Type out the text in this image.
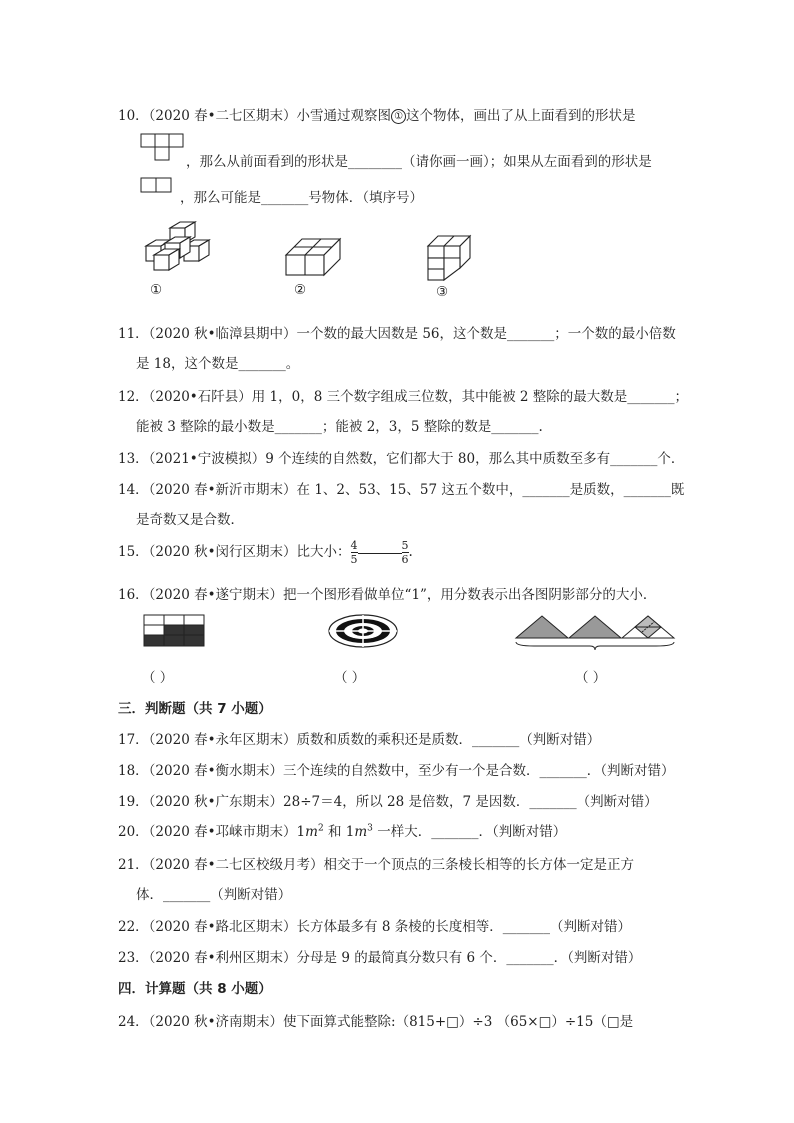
10．（2020 春•二七区期末）小雪通过观察图 ① 这个物体，画出了从上面看到的形状是
，那么从前面看到的形状是________（请你画一画）；如果从左面看到的形状是
，那么可能是_______号物体．（填序号）
①	②	③
11．（2020 秋•临漳县期中）一个数的最大因数是 56，这个数是_______；一个数的最小倍数
是 18，这个数是_______。
12．（2020•石阡县）用 1，0，8 三个数字组成三位数，其中能被 2 整除的最大数是_______；
能被 3 整除的最小数是_______；能被 2，3，5 整除的数是_______.
13．（2021•宁波模拟）9 个连续的自然数，它们都大于 80，那么其中质数至多有_______个．
14．（2020 春•新沂市期末）在 1、2、53、15、57 这五个数中，_______是质数，_______既
是奇数又是合数．
15．（2020 秋•闵行区期末）比大小： $\frac{4}{5}$	$\frac{5}{6}$ .
16．（2020 春•遂宁期末）把一个图形看做单位“1”，用分数表示出各图阴影部分的大小．
（ ）	（ ）	（ ）
三．判断题（共 7 小题）
17．（2020 春•永年区期末）质数和质数的乘积还是质数．_______（判断对错）
18．（2020 春•衡水期末）三个连续的自然数中，至少有一个是合数．_______．（判断对错）
19．（2020 秋•广东期末）28÷7＝4，所以 28 是倍数，7 是因数．_______（判断对错）
20．（2020 春•邛崃市期末）$1m^2$ 和 $1m^3$ 一样大．_______．（判断对错）
21．（2020 春•二七区校级月考）相交于一个顶点的三条棱长相等的长方体一定是正方
体．_______（判断对错）
22．（2020 春•路北区期末）长方体最多有 8 条棱的长度相等．_______（判断对错）
23．（2020 春•利州区期末）分母是 9 的最简真分数只有 6 个．_______．（判断对错）
四．计算题（共 8 小题）
24．（2020 秋•济南期末）使下面算式能整除:（815+□）÷3 （65×□）÷15（□是
